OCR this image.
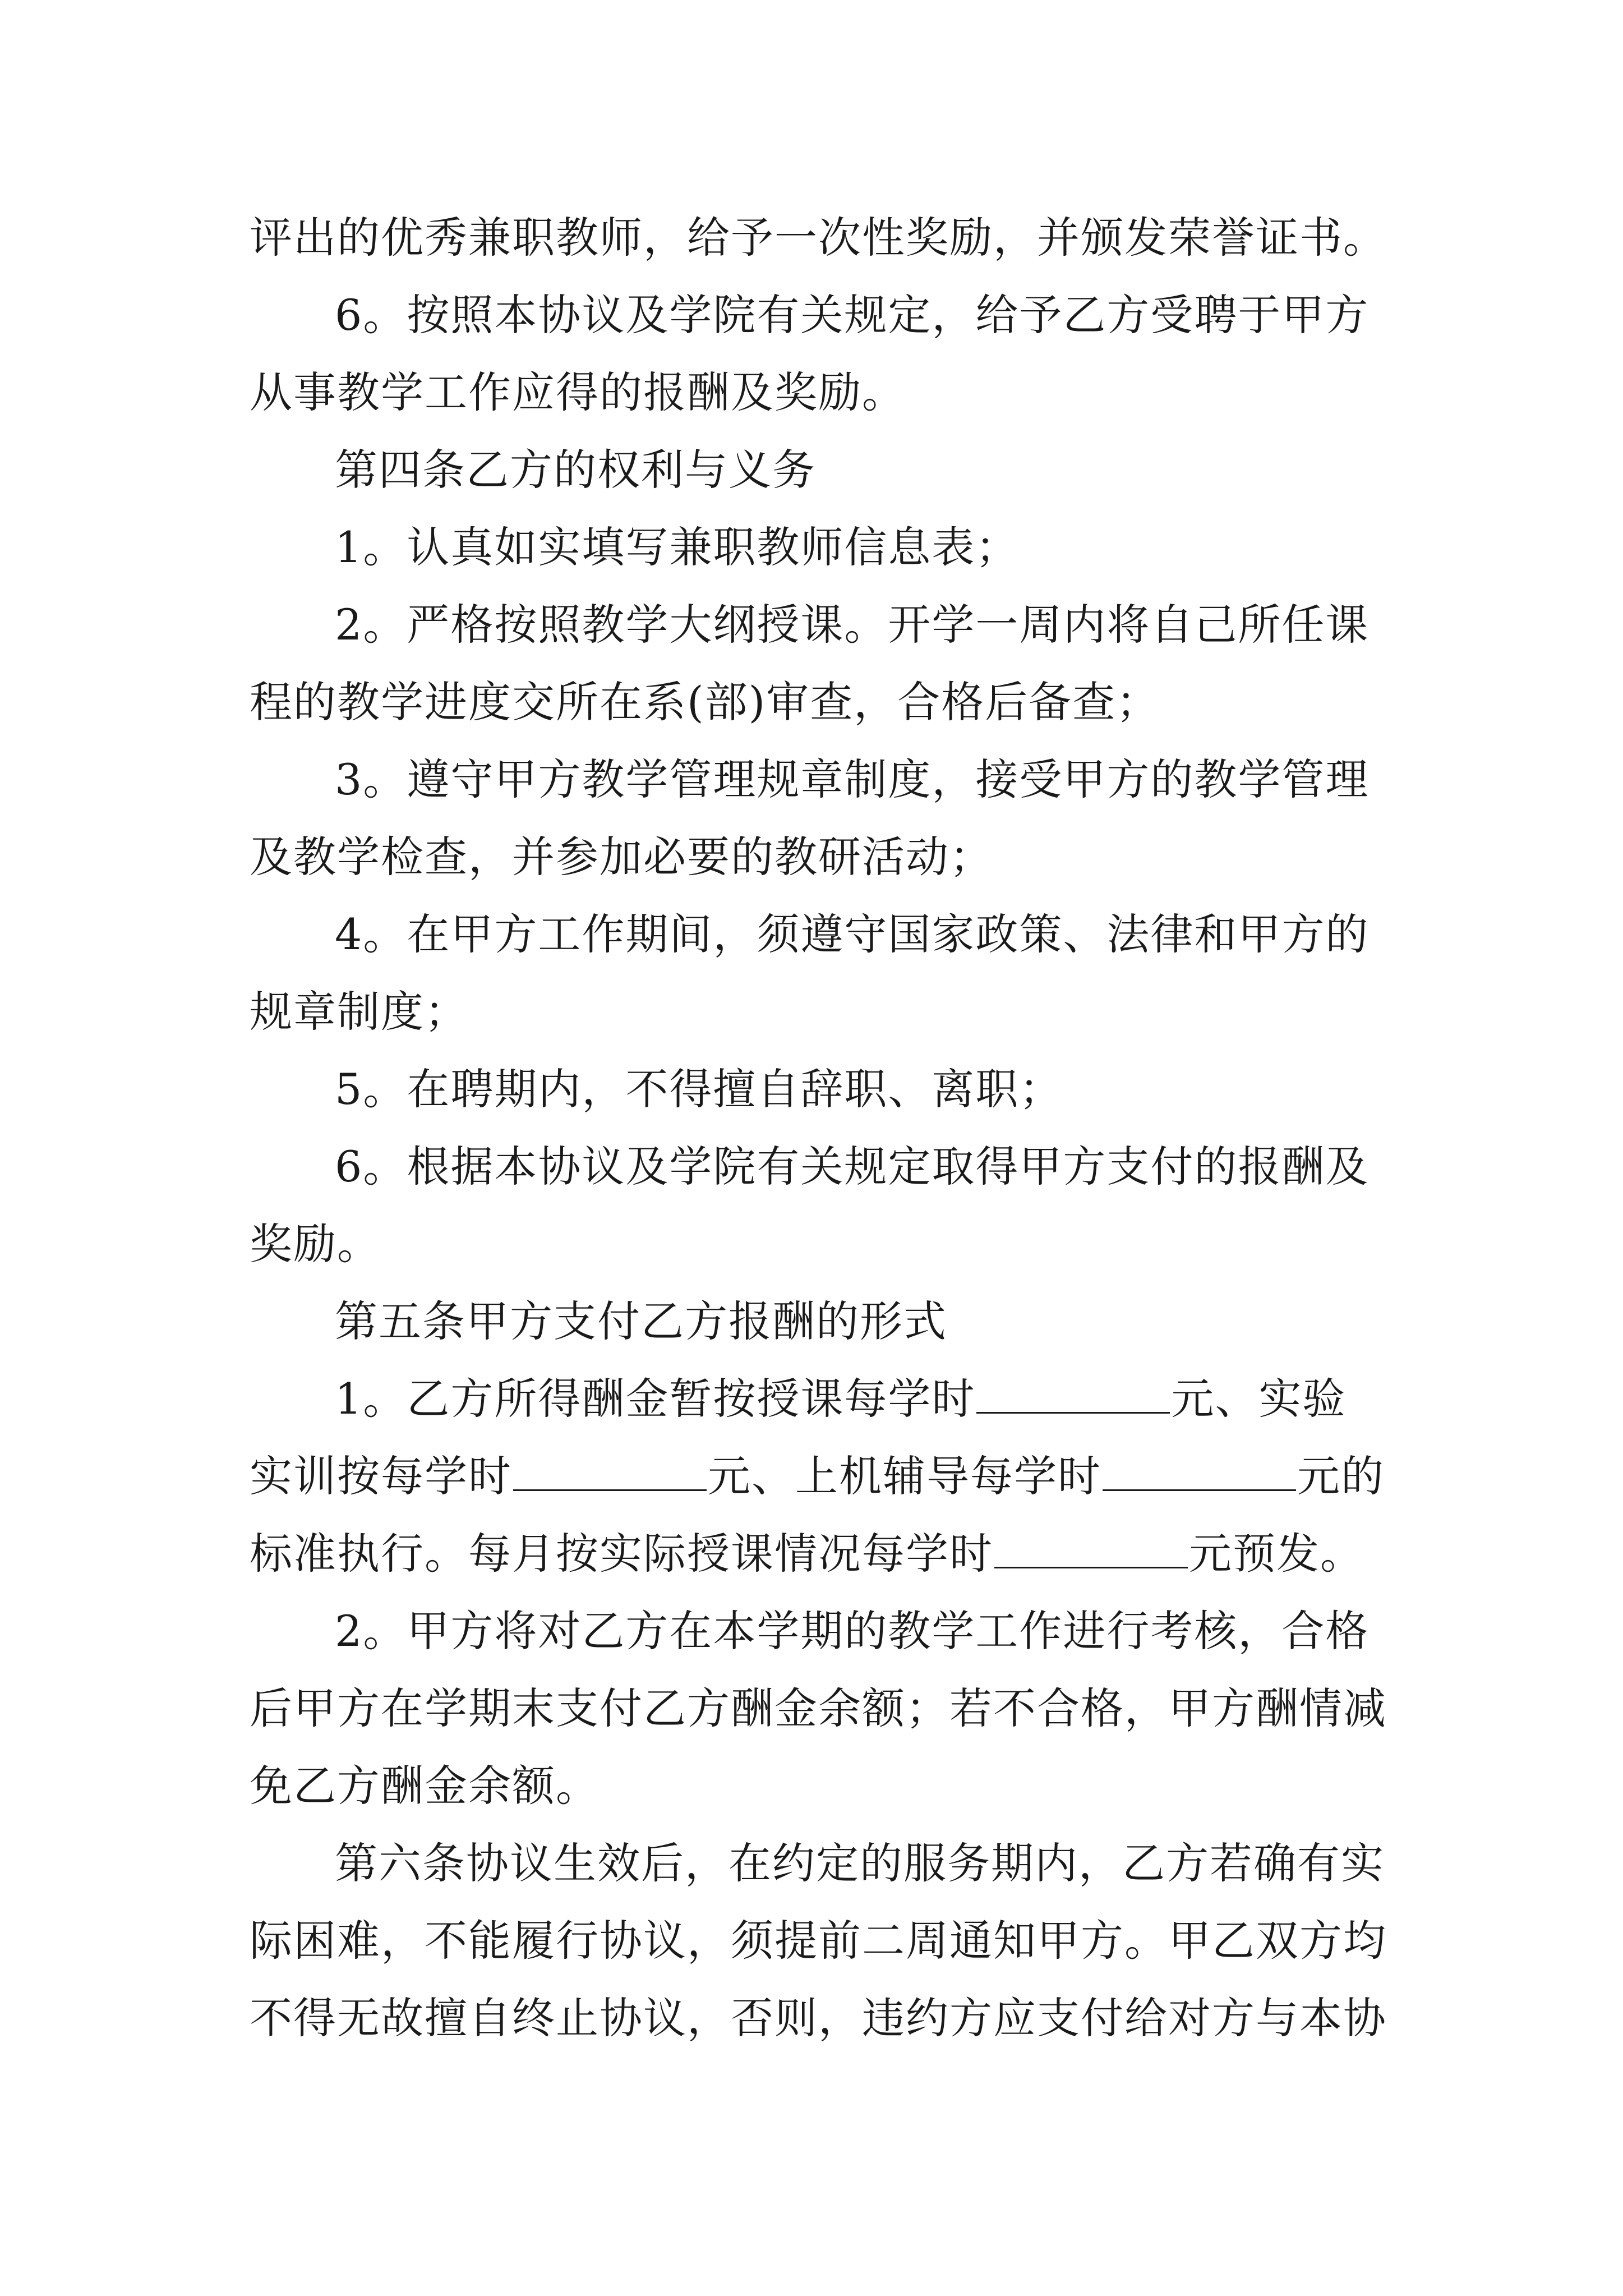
评出的优秀兼职教师，给予一次性奖励，并颁发荣誉证书。

6。按照本协议及学院有关规定，给予乙方受聘于甲方从事教学工作应得的报酬及奖励。

第四条乙方的权利与义务

1。认真如实填写兼职教师信息表；

2。严格按照教学大纲授课。开学一周内将自己所任课程的教学进度交所在系(部)审查，合格后备查；

3。遵守甲方教学管理规章制度，接受甲方的教学管理及教学检查，并参加必要的教研活动；

4。在甲方工作期间，须遵守国家政策、法律和甲方的规章制度；

5。在聘期内，不得擅自辞职、离职；

6。根据本协议及学院有关规定取得甲方支付的报酬及奖励。

第五条甲方支付乙方报酬的形式

1。乙方所得酬金暂按授课每学时	元、实验实训按每学时	元、上机辅导每学时	元的标准执行。每月按实际授课情况每学时	元预发。

2。甲方将对乙方在本学期的教学工作进行考核，合格后甲方在学期末支付乙方酬金余额；若不合格，甲方酬情减免乙方酬金余额。

第六条协议生效后，在约定的服务期内，乙方若确有实际困难，不能履行协议，须提前二周通知甲方。甲乙双方均不得无故擅自终止协议，否则，违约方应支付给对方与本协
